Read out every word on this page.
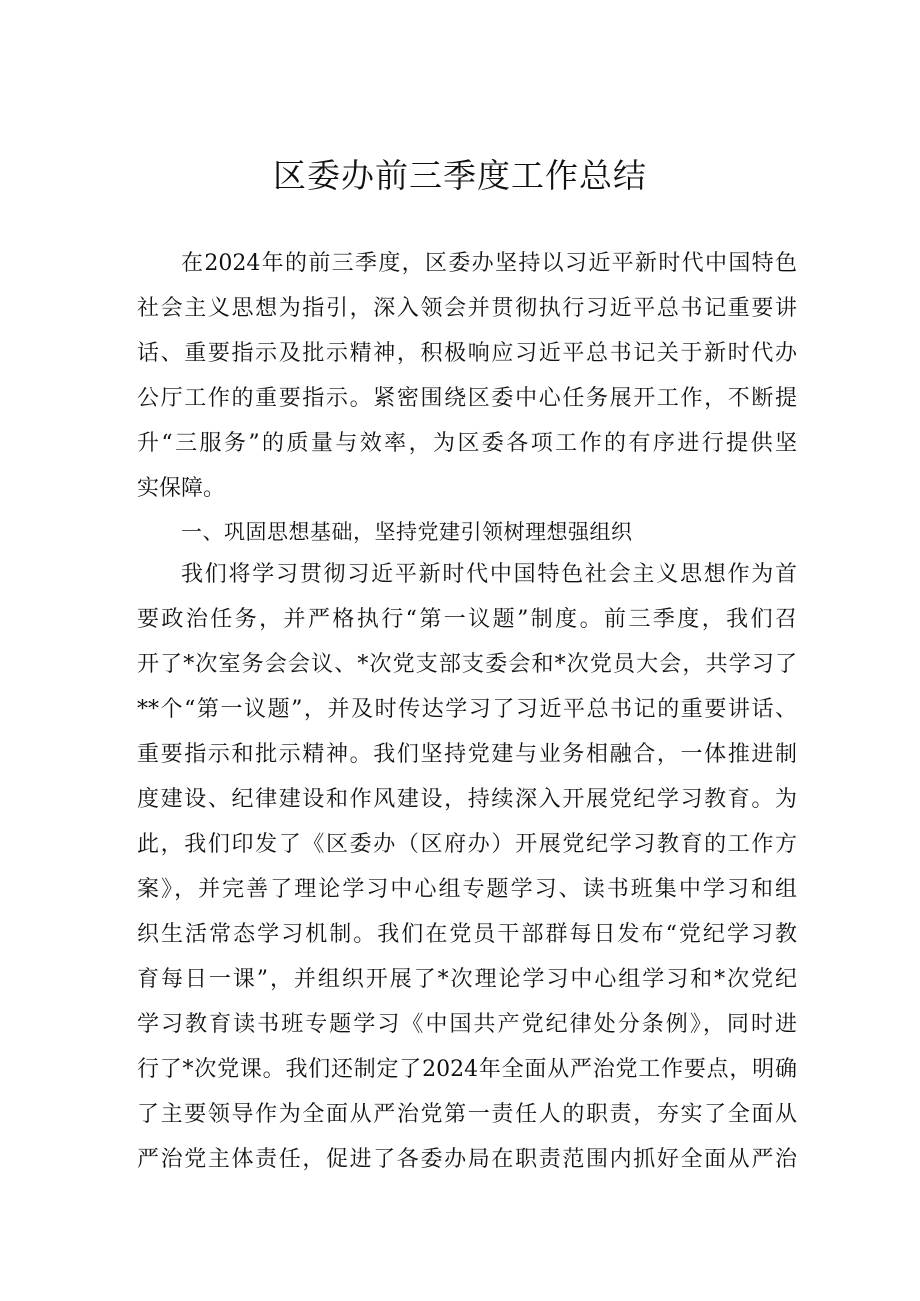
区委办前三季度工作总结
在2024年的前三季度，区委办坚持以习近平新时代中国特色
社会主义思想为指引，深入领会并贯彻执行习近平总书记重要讲
话、重要指示及批示精神，积极响应习近平总书记关于新时代办
公厅工作的重要指示。紧密围绕区委中心任务展开工作，不断提
升“三服务”的质量与效率，为区委各项工作的有序进行提供坚
实保障。
一、巩固思想基础，坚持党建引领树理想强组织
我们将学习贯彻习近平新时代中国特色社会主义思想作为首
要政治任务，并严格执行“第一议题”制度。前三季度，我们召
开了*次室务会会议、*次党支部支委会和*次党员大会，共学习了
**个“第一议题”，并及时传达学习了习近平总书记的重要讲话、
重要指示和批示精神。我们坚持党建与业务相融合，一体推进制
度建设、纪律建设和作风建设，持续深入开展党纪学习教育。为
此，我们印发了《区委办（区府办）开展党纪学习教育的工作方
案》，并完善了理论学习中心组专题学习、读书班集中学习和组
织生活常态学习机制。我们在党员干部群每日发布“党纪学习教
育每日一课”，并组织开展了*次理论学习中心组学习和*次党纪
学习教育读书班专题学习《中国共产党纪律处分条例》，同时进
行了*次党课。我们还制定了2024年全面从严治党工作要点，明确
了主要领导作为全面从严治党第一责任人的职责，夯实了全面从
严治党主体责任，促进了各委办局在职责范围内抓好全面从严治
